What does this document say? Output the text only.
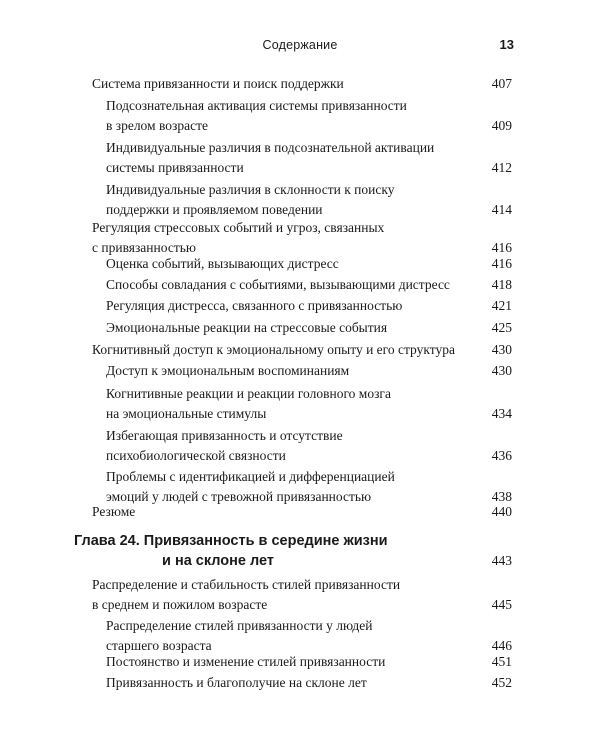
Содержание	13
Система привязанности и поиск поддержки	407
Подсознательная активация системы привязанности
в зрелом возрасте	409
Индивидуальные различия в подсознательной активации
системы привязанности	412
Индивидуальные различия в склонности к поиску
поддержки и проявляемом поведении	414
Регуляция стрессовых событий и угроз, связанных
с привязанностью	416
Оценка событий, вызывающих дистресс	416
Способы совладания с событиями, вызывающими дистресс	418
Регуляция дистресса, связанного с привязанностью	421
Эмоциональные реакции на стрессовые события	425
Когнитивный доступ к эмоциональному опыту и его структура	430
Доступ к эмоциональным воспоминаниям	430
Когнитивные реакции и реакции головного мозга
на эмоциональные стимулы	434
Избегающая привязанность и отсутствие
психобиологической связности	436
Проблемы с идентификацией и дифференциацией
эмоций у людей с тревожной привязанностью	438
Резюме	440
Глава 24. Привязанность в середине жизни
и на склоне лет	443
Распределение и стабильность стилей привязанности
в среднем и пожилом возрасте	445
Распределение стилей привязанности у людей
старшего возраста	446
Постоянство и изменение стилей привязанности	451
Привязанность и благополучие на склоне лет	452
